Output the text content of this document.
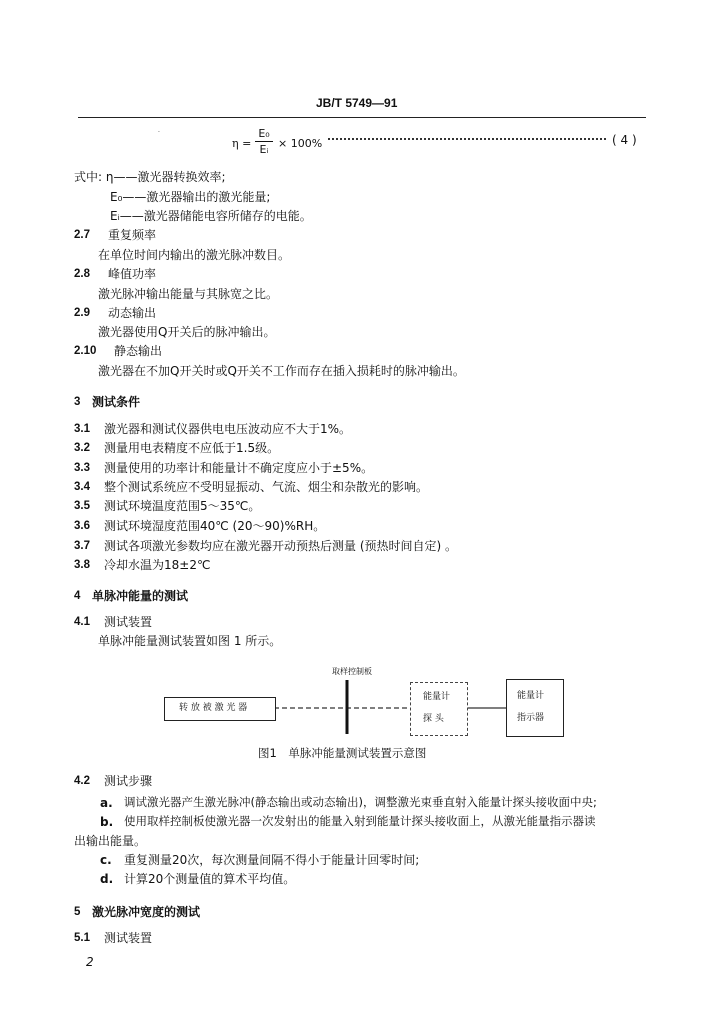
JB/T 5749—91
·
η =
E₀
Eᵢ × 100%	( 4 )
式中: η——激光器转换效率;
E₀——激光器输出的激光能量;
Eᵢ——激光器储能电容所储存的电能。
2.7 重复频率
在单位时间内输出的激光脉冲数目。
2.8 峰值功率
激光脉冲输出能量与其脉宽之比。
2.9 动态输出
激光器使用Q开关后的脉冲输出。
2.10 静态输出
激光器在不加Q开关时或Q开关不工作而存在插入损耗时的脉冲输出。
3 测试条件
3.1 激光器和测试仪器供电电压波动应不大于1%。
3.2 测量用电表精度不应低于1.5级。
3.3 测量使用的功率计和能量计不确定度应小于±5%。
3.4 整个测试系统应不受明显振动、气流、烟尘和杂散光的影响。
3.5 测试环境温度范围5～35℃。
3.6 测试环境湿度范围40℃ (20～90)%RH。
3.7 测试各项激光参数均应在激光器开动预热后测量 (预热时间自定) 。
3.8 冷却水温为18±2℃
4 单脉冲能量的测试
4.1 测试装置
单脉冲能量测试装置如图 1 所示。
取样控制板
转 放 被 激 光 器
能量计
探 头
能量计
指示器
图1　单脉冲能量测试装置示意图
4.2 测试步骤
a. 调试激光器产生激光脉冲(静态输出或动态输出)，调整激光束垂直射入能量计探头接收面中央;
b. 使用取样控制板使激光器一次发射出的能量入射到能量计探头接收面上，从激光能量指示器读
出输出能量。
c. 重复测量20次，每次测量间隔不得小于能量计回零时间;
d. 计算20个测量值的算术平均值。
5 激光脉冲宽度的测试
5.1 测试装置
2
